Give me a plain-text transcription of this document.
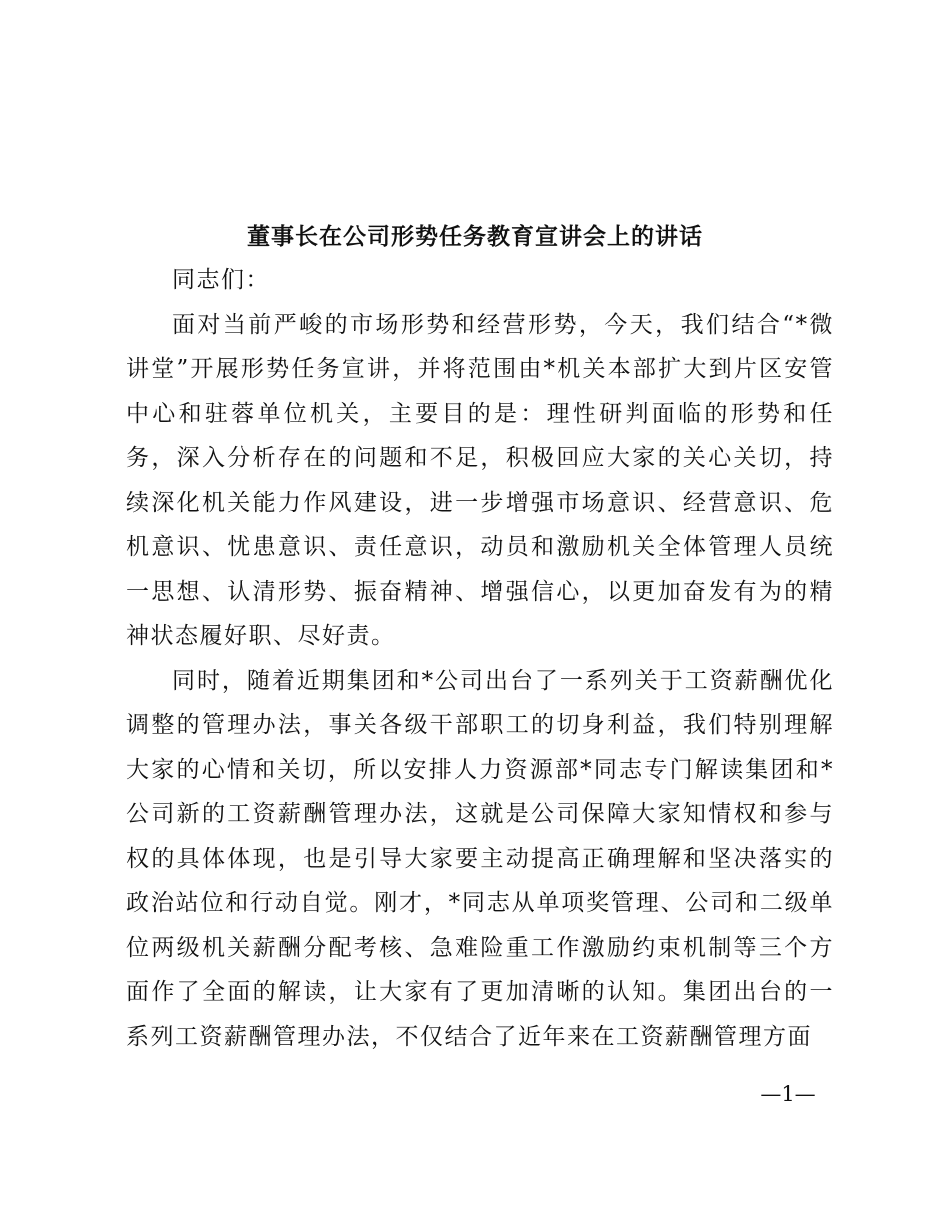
董事长在公司形势任务教育宣讲会上的讲话

同志们：

面对当前严峻的市场形势和经营形势，今天，我们结合“*微讲堂”开展形势任务宣讲，并将范围由*机关本部扩大到片区安管中心和驻蓉单位机关，主要目的是：理性研判面临的形势和任务，深入分析存在的问题和不足，积极回应大家的关心关切，持续深化机关能力作风建设，进一步增强市场意识、经营意识、危机意识、忧患意识、责任意识，动员和激励机关全体管理人员统一思想、认清形势、振奋精神、增强信心，以更加奋发有为的精神状态履好职、尽好责。

同时，随着近期集团和*公司出台了一系列关于工资薪酬优化调整的管理办法，事关各级干部职工的切身利益，我们特别理解大家的心情和关切，所以安排人力资源部*同志专门解读集团和*公司新的工资薪酬管理办法，这就是公司保障大家知情权和参与权的具体体现，也是引导大家要主动提高正确理解和坚决落实的政治站位和行动自觉。刚才，*同志从单项奖管理、公司和二级单位两级机关薪酬分配考核、急难险重工作激励约束机制等三个方面作了全面的解读，让大家有了更加清晰的认知。集团出台的一系列工资薪酬管理办法，不仅结合了近年来在工资薪酬管理方面

—1—
